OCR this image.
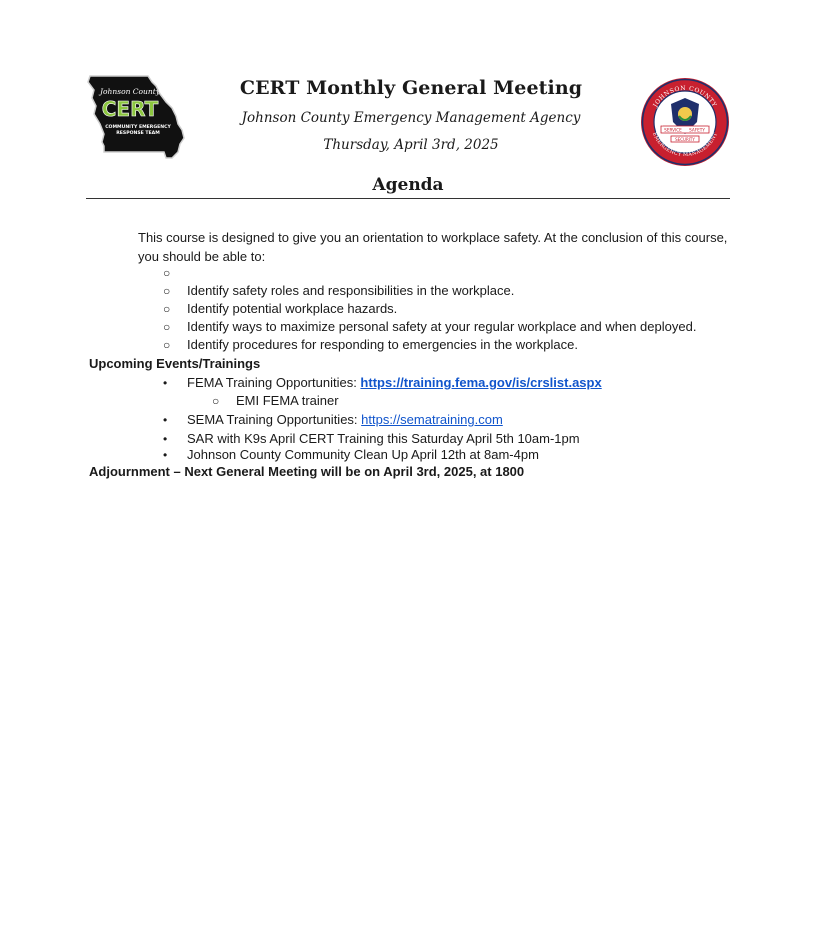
Johnson County
CERT
COMMUNITY EMERGENCY
RESPONSE TEAM
CERT Monthly General Meeting
Johnson County Emergency Management Agency
Thursday, April 3rd, 2025
JOHNSON COUNTY
EMERGENCY MANAGEMENT
SERVICE SAFETY
SECURITY
★	★
Agenda
This course is designed to give you an orientation to workplace safety. At the conclusion of this course, you should be able to:
○
○ Identify safety roles and responsibilities in the workplace.
○ Identify potential workplace hazards.
○ Identify ways to maximize personal safety at your regular workplace and when deployed.
○ Identify procedures for responding to emergencies in the workplace.
Upcoming Events/Trainings
• FEMA Training Opportunities: https://training.fema.gov/is/crslist.aspx
○ EMI FEMA trainer
• SEMA Training Opportunities: https://sematraining.com
• SAR with K9s April CERT Training this Saturday April 5th 10am-1pm
• Johnson County Community Clean Up April 12th at 8am-4pm
Adjournment – Next General Meeting will be on April 3rd, 2025, at 1800
